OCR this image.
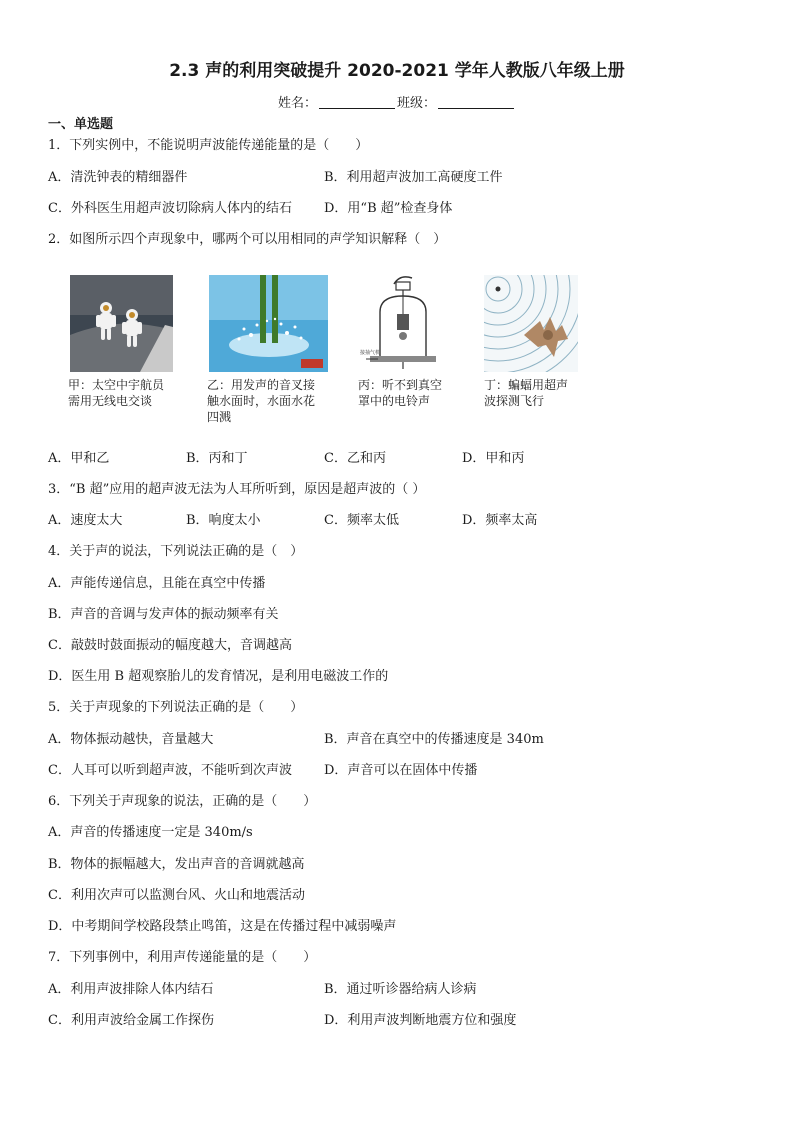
2.3 声的利用突破提升 2020-2021 学年人教版八年级上册
姓名：	班级：
一、单选题
1．下列实例中，不能说明声波能传递能量的是（　　）
A．清洗钟表的精细器件	B．利用超声波加工高硬度工件
C．外科医生用超声波切除病人体内的结石 D．用“B 超”检查身体
2．如图所示四个声现象中，哪两个可以用相同的声学知识解释（　）
甲：太空中宇航员
需用无线电交谈
乙：用发声的音叉接
触水面时，水面水花
四溅
接抽气机
丙：听不到真空
罩中的电铃声
丁：蝙蝠用超声
波探测飞行
A．甲和乙	B．丙和丁	C．乙和丙	D．甲和丙
3．“B 超”应用的超声波无法为人耳所听到，原因是超声波的（ ）
A．速度太大	B．响度太小	C．频率太低	D．频率太高
4．关于声的说法，下列说法正确的是（　）
A．声能传递信息，且能在真空中传播
B．声音的音调与发声体的振动频率有关
C．敲鼓时鼓面振动的幅度越大，音调越高
D．医生用 B 超观察胎儿的发育情况，是利用电磁波工作的
5．关于声现象的下列说法正确的是（　　）
A．物体振动越快，音量越大	B．声音在真空中的传播速度是 340m
C．人耳可以听到超声波，不能听到次声波 D．声音可以在固体中传播
6．下列关于声现象的说法，正确的是（　　）
A．声音的传播速度一定是 340m/s
B．物体的振幅越大，发出声音的音调就越高
C．利用次声可以监测台风、火山和地震活动
D．中考期间学校路段禁止鸣笛，这是在传播过程中减弱噪声
7．下列事例中，利用声传递能量的是（　　）
A．利用声波排除人体内结石	B．通过听诊器给病人诊病
C．利用声波给金属工作探伤	D．利用声波判断地震方位和强度
